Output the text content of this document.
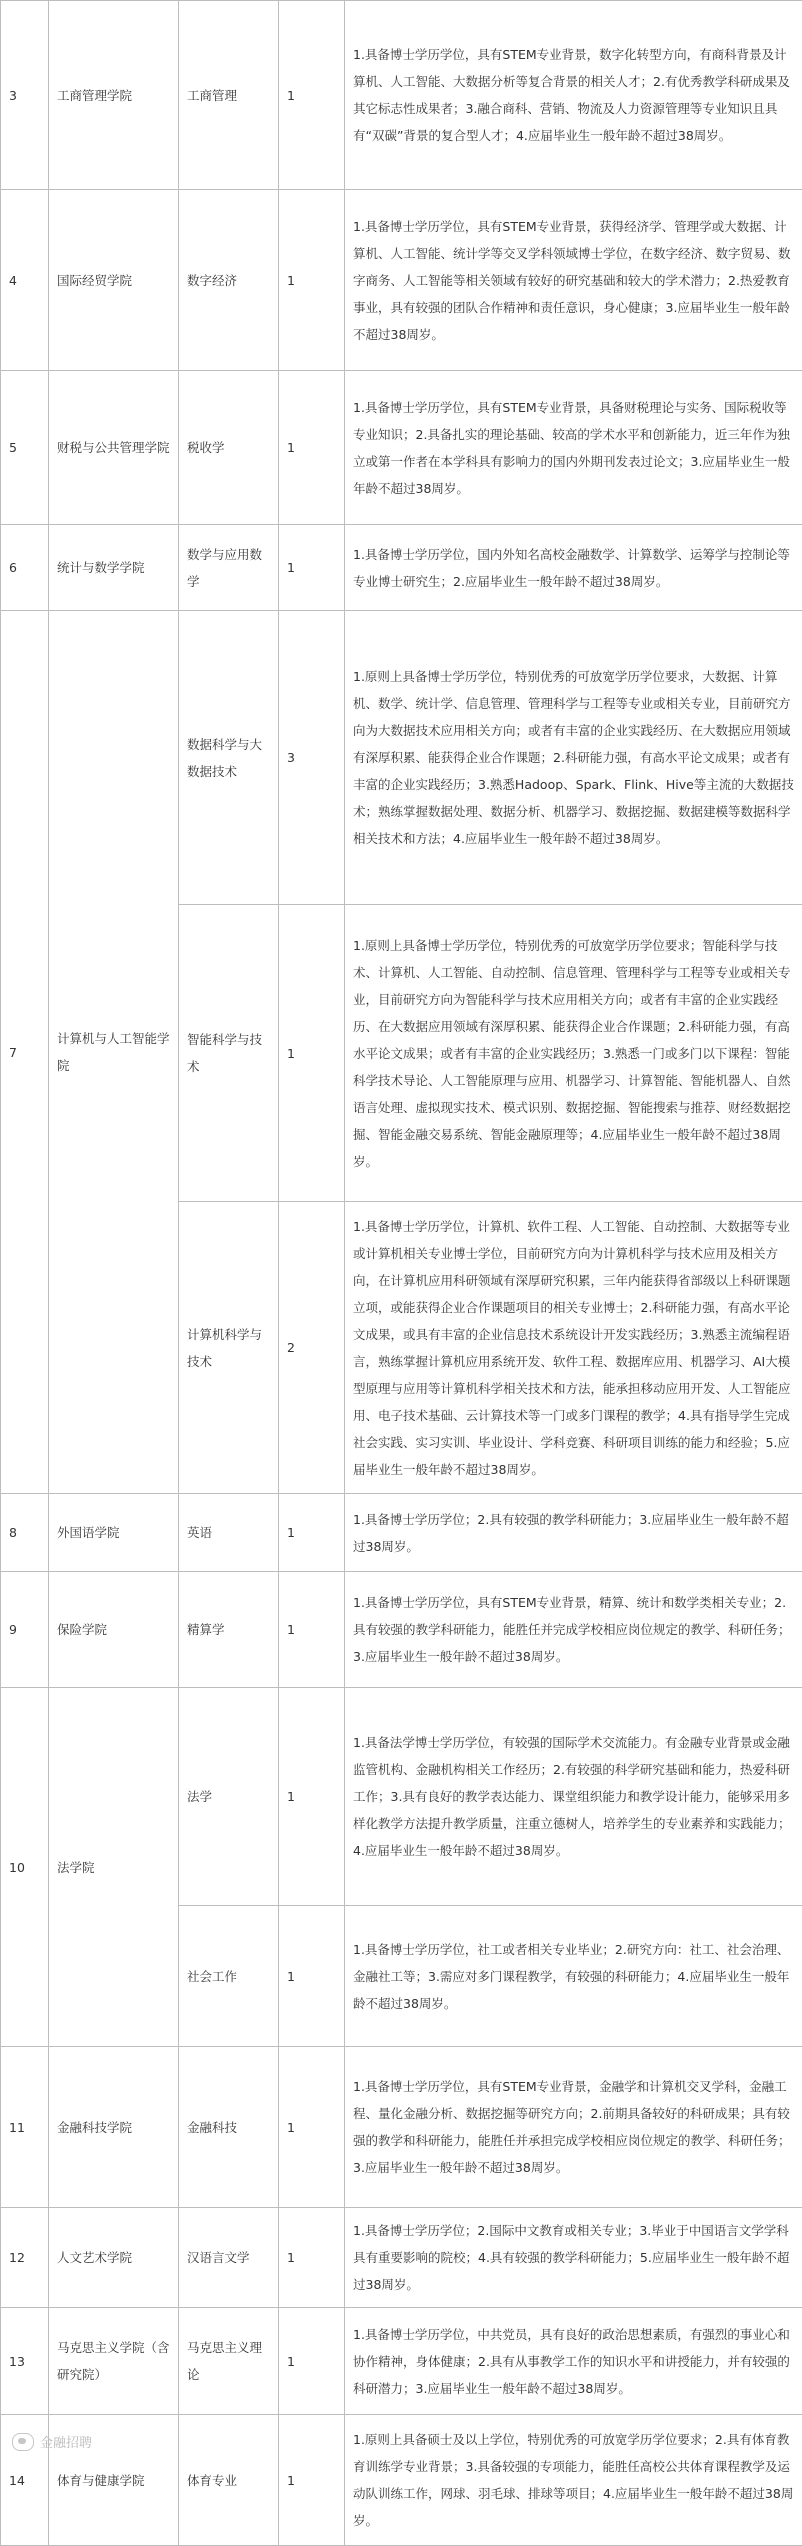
3	工商管理学院	工商管理	1	1.具备博士学历学位，具有STEM专业背景，数字化转型方向，有商科背景及计算机、人工智能、大数据分析等复合背景的相关人才；2.有优秀教学科研成果及其它标志性成果者；3.融合商科、营销、物流及人力资源管理等专业知识且具有“双碳”背景的复合型人才；4.应届毕业生一般年龄不超过38周岁。
4	国际经贸学院	数字经济	1	1.具备博士学历学位，具有STEM专业背景，获得经济学、管理学或大数据、计算机、人工智能、统计学等交叉学科领域博士学位，在数字经济、数字贸易、数字商务、人工智能等相关领域有较好的研究基础和较大的学术潜力；2.热爱教育事业，具有较强的团队合作精神和责任意识，身心健康；3.应届毕业生一般年龄不超过38周岁。
5	财税与公共管理学院	税收学	1	1.具备博士学历学位，具有STEM专业背景，具备财税理论与实务、国际税收等专业知识；2.具备扎实的理论基础、较高的学术水平和创新能力，近三年作为独立或第一作者在本学科具有影响力的国内外期刊发表过论文；3.应届毕业生一般年龄不超过38周岁。
6	统计与数学学院	数学与应用数学	1	1.具备博士学历学位，国内外知名高校金融数学、计算数学、运筹学与控制论等专业博士研究生；2.应届毕业生一般年龄不超过38周岁。
7	计算机与人工智能学院	数据科学与大数据技术	3	1.原则上具备博士学历学位，特别优秀的可放宽学历学位要求，大数据、计算机、数学、统计学、信息管理、管理科学与工程等专业或相关专业，目前研究方向为大数据技术应用相关方向；或者有丰富的企业实践经历、在大数据应用领域有深厚积累、能获得企业合作课题；2.科研能力强，有高水平论文成果；或者有丰富的企业实践经历；3.熟悉Hadoop、Spark、Flink、Hive等主流的大数据技术；熟练掌握数据处理、数据分析、机器学习、数据挖掘、数据建模等数据科学相关技术和方法；4.应届毕业生一般年龄不超过38周岁。
		智能科学与技术	1	1.原则上具备博士学历学位，特别优秀的可放宽学历学位要求；智能科学与技术、计算机、人工智能、自动控制、信息管理、管理科学与工程等专业或相关专业，目前研究方向为智能科学与技术应用相关方向；或者有丰富的企业实践经历、在大数据应用领域有深厚积累、能获得企业合作课题；2.科研能力强，有高水平论文成果；或者有丰富的企业实践经历；3.熟悉一门或多门以下课程：智能科学技术导论、人工智能原理与应用、机器学习、计算智能、智能机器人、自然语言处理、虚拟现实技术、模式识别、数据挖掘、智能搜索与推荐、财经数据挖掘、智能金融交易系统、智能金融原理等；4.应届毕业生一般年龄不超过38周岁。
		计算机科学与技术	2	1.具备博士学历学位，计算机、软件工程、人工智能、自动控制、大数据等专业或计算机相关专业博士学位，目前研究方向为计算机科学与技术应用及相关方向，在计算机应用科研领域有深厚研究积累，三年内能获得省部级以上科研课题立项，或能获得企业合作课题项目的相关专业博士；2.科研能力强，有高水平论文成果，或具有丰富的企业信息技术系统设计开发实践经历；3.熟悉主流编程语言，熟练掌握计算机应用系统开发、软件工程、数据库应用、机器学习、AI大模型原理与应用等计算机科学相关技术和方法，能承担移动应用开发、人工智能应用、电子技术基础、云计算技术等一门或多门课程的教学；4.具有指导学生完成社会实践、实习实训、毕业设计、学科竞赛、科研项目训练的能力和经验；5.应届毕业生一般年龄不超过38周岁。
8	外国语学院	英语	1	1.具备博士学历学位；2.具有较强的教学科研能力；3.应届毕业生一般年龄不超过38周岁。
9	保险学院	精算学	1	1.具备博士学历学位，具有STEM专业背景，精算、统计和数学类相关专业；2.具有较强的教学科研能力，能胜任并完成学校相应岗位规定的教学、科研任务；3.应届毕业生一般年龄不超过38周岁。
10	法学院	法学	1	1.具备法学博士学历学位，有较强的国际学术交流能力。有金融专业背景或金融监管机构、金融机构相关工作经历；2.有较强的科学研究基础和能力，热爱科研工作；3.具有良好的教学表达能力、课堂组织能力和教学设计能力，能够采用多样化教学方法提升教学质量，注重立德树人，培养学生的专业素养和实践能力；4.应届毕业生一般年龄不超过38周岁。
		社会工作	1	1.具备博士学历学位，社工或者相关专业毕业；2.研究方向：社工、社会治理、金融社工等；3.需应对多门课程教学，有较强的科研能力；4.应届毕业生一般年龄不超过38周岁。
11	金融科技学院	金融科技	1	1.具备博士学历学位，具有STEM专业背景，金融学和计算机交叉学科，金融工程、量化金融分析、数据挖掘等研究方向；2.前期具备较好的科研成果；具有较强的教学和科研能力，能胜任并承担完成学校相应岗位规定的教学、科研任务；3.应届毕业生一般年龄不超过38周岁。
12	人文艺术学院	汉语言文学	1	1.具备博士学历学位；2.国际中文教育或相关专业；3.毕业于中国语言文学学科具有重要影响的院校；4.具有较强的教学科研能力；5.应届毕业生一般年龄不超过38周岁。
13	马克思主义学院（含研究院）	马克思主义理论	1	1.具备博士学历学位，中共党员，具有良好的政治思想素质，有强烈的事业心和协作精神，身体健康；2.具有从事教学工作的知识水平和讲授能力，并有较强的科研潜力；3.应届毕业生一般年龄不超过38周岁。
14	体育与健康学院	体育专业	1	1.原则上具备硕士及以上学位，特别优秀的可放宽学历学位要求；2.具有体育教育训练学专业背景；3.具备较强的专项能力，能胜任高校公共体育课程教学及运动队训练工作，网球、羽毛球、排球等项目；4.应届毕业生一般年龄不超过38周岁。
金融招聘
